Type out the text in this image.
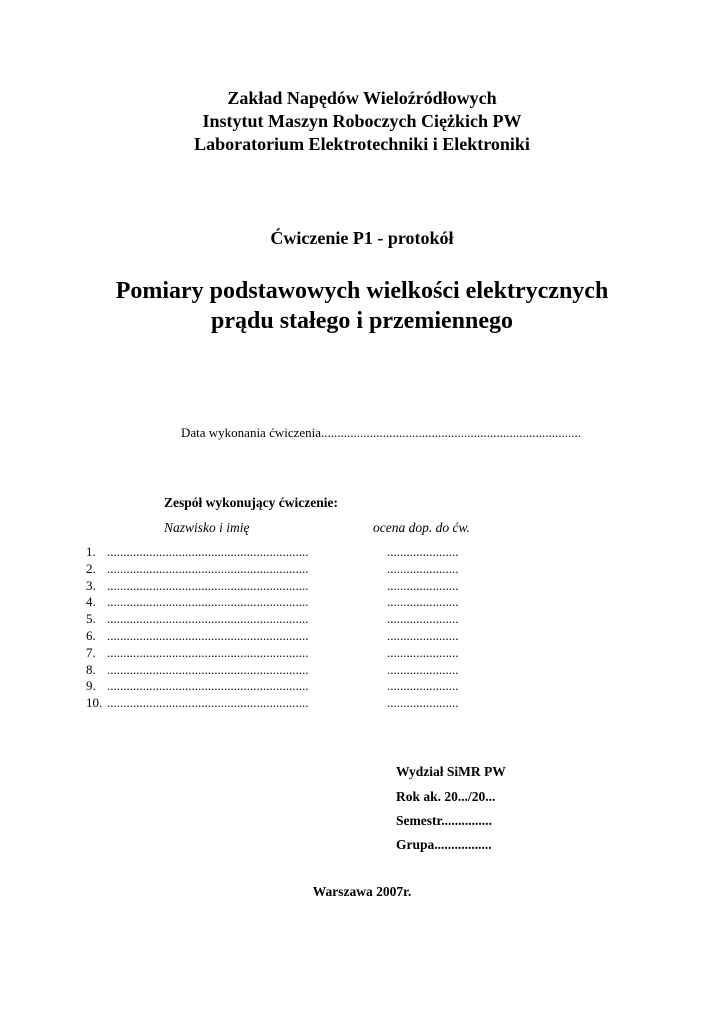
Zakład Napędów Wieloźródłowych
Instytut Maszyn Roboczych Ciężkich PW
Laboratorium Elektrotechniki i Elektroniki
Ćwiczenie P1 - protokół
Pomiary podstawowych wielkości elektrycznych
prądu stałego i przemiennego
Data wykonania ćwiczenia................................................................................
Zespół wykonujący ćwiczenie:
Nazwisko i imię	ocena dop. do ćw.
1. ..............................................................	......................
2. ..............................................................	......................
3. ..............................................................	......................
4. ..............................................................	......................
5. ..............................................................	......................
6. ..............................................................	......................
7. ..............................................................	......................
8. ..............................................................	......................
9. ..............................................................	......................
10. ..............................................................	......................
Wydział SiMR PW
Rok ak. 20.../20...
Semestr...............
Grupa.................
Warszawa 2007r.
